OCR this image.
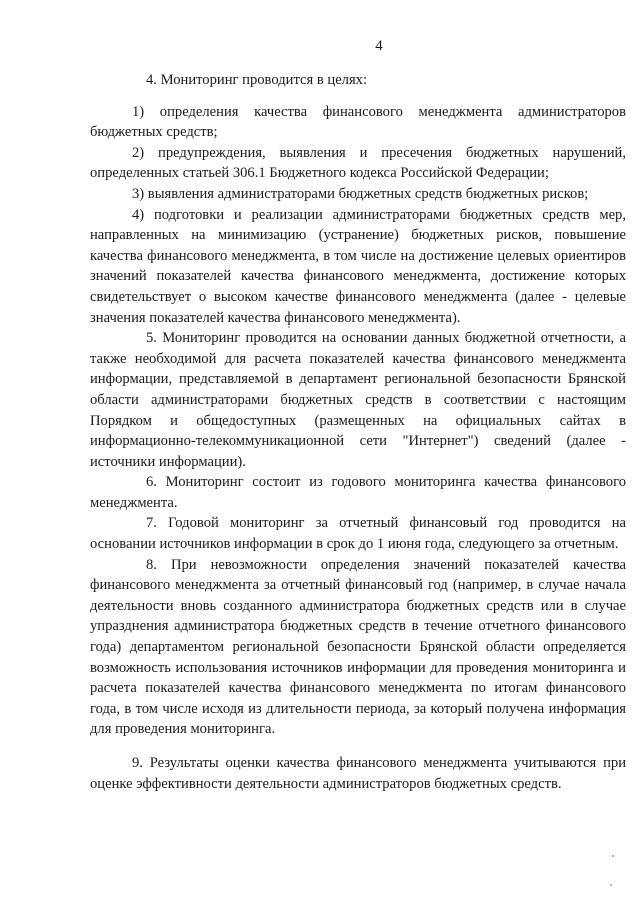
4

4. Мониторинг проводится в целях:

1) определения качества финансового менеджмента администраторов бюджетных средств;

2) предупреждения, выявления и пресечения бюджетных нарушений, определенных статьей 306.1 Бюджетного кодекса Российской Федерации;

3) выявления администраторами бюджетных средств бюджетных рисков;

4) подготовки и реализации администраторами бюджетных средств мер, направленных на минимизацию (устранение) бюджетных рисков, повышение качества финансового менеджмента, в том числе на достижение целевых ориентиров значений показателей качества финансового менеджмента, достижение которых свидетельствует о высоком качестве финансового менеджмента (далее - целевые значения показателей качества финансового менеджмента).

5. Мониторинг проводится на основании данных бюджетной отчетности, а также необходимой для расчета показателей качества финансового менеджмента информации, представляемой в департамент региональной безопасности Брянской области администраторами бюджетных средств в соответствии с настоящим Порядком и общедоступных (размещенных на официальных сайтах в информационно-телекоммуникационной сети "Интернет") сведений (далее - источники информации).

6. Мониторинг состоит из годового мониторинга качества финансового менеджмента.

7. Годовой мониторинг за отчетный финансовый год проводится на основании источников информации в срок до 1 июня года, следующего за отчетным.

8. При невозможности определения значений показателей качества финансового менеджмента за отчетный финансовый год (например, в случае начала деятельности вновь созданного администратора бюджетных средств или в случае упразднения администратора бюджетных средств в течение отчетного финансового года) департаментом региональной безопасности Брянской области определяется возможность использования источников информации для проведения мониторинга и расчета показателей качества финансового менеджмента по итогам финансового года, в том числе исходя из длительности периода, за который получена информация для проведения мониторинга.

9. Результаты оценки качества финансового менеджмента учитываются при оценке эффективности деятельности администраторов бюджетных средств.
